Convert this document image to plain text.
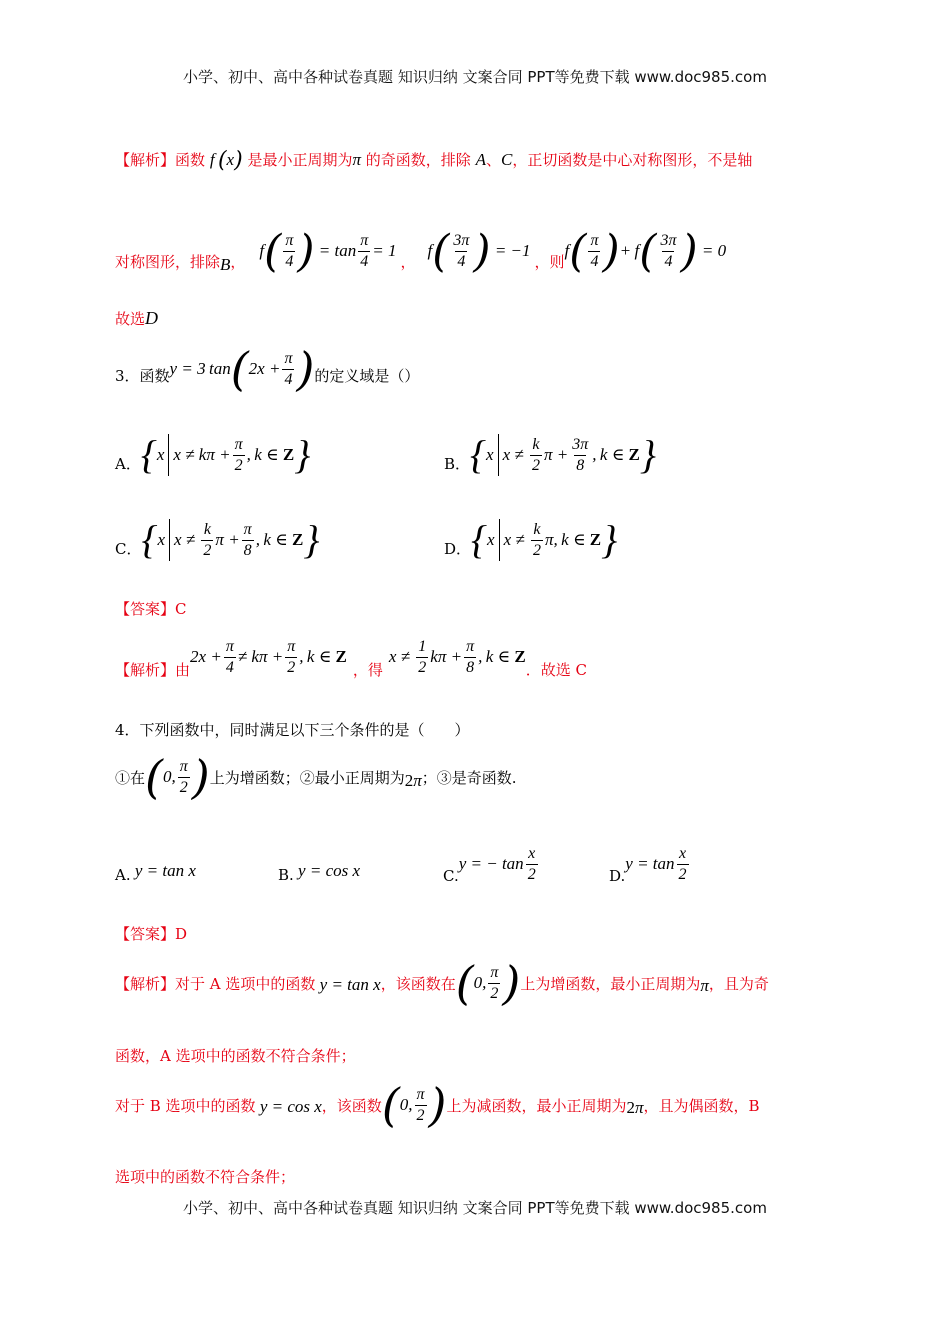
小学、初中、高中各种试卷真题 知识归纳 文案合同 PPT等免费下载 www.doc985.com
小学、初中、高中各种试卷真题 知识归纳 文案合同 PPT等免费下载 www.doc985.com
【解析】函数 f (x) 是最小正周期为π 的奇函数，排除 A、C，正切函数是中心对称图形，不是轴
对称图形，排除 B ，
f ( $\frac{\pi}{4}$ ) = $\tan \frac{\pi}{4} = 1$
，
f ( $\frac{3\pi}{4}$ ) = −1
，则
f ( $\frac{\pi}{4}$ ) +  f ( $\frac{3\pi}{4}$ ) = 0
故选D
3．函数 y = 3 tan ( 2 $x + \frac{\pi}{4}$ ) 的定义域是（）
A． { x x ≠ k $\pi + \frac{\pi}{2}$ ,  k ∈ Z }	B． { x $x \ne \frac{k}{2}$ $\pi + \frac{3\pi}{8}$ ,  k ∈ Z }
C． { x $x \ne \frac{k}{2}$ $\pi + \frac{\pi}{8}$ ,  k ∈ Z }	D． { x $x \ne \frac{k}{2} \pi$,  k ∈ Z }
【答案】C
【解析】 由
2 $x + \frac{\pi}{4} \ne k$ $\pi + \frac{\pi}{2}$ ,  k ∈ Z
，得
$x \ne \frac{1}{2}$ k $\pi + \frac{\pi}{8}$ ,  k ∈ Z
．故选 C
4．下列函数中，同时满足以下三个条件的是（　　）
①在 ( 0, $\frac{\pi}{2}$ ) 上为增函数；②最小正周期为 2π ；③是奇函数.
A. y = tan x	B. y = cos x	C.
y = − $\tan \frac{x}{2}$	D.
$y = \tan \frac{x}{2}$
【答案】D
【解析】 对于 A 选项中的函数 y = tan x ，该函数在 ( 0, $\frac{\pi}{2}$ ) 上为增函数，最小正周期为 π ，且为奇
函数，A 选项中的函数不符合条件；
对于 B 选项中的函数 y = cos x ，该函数 ( 0, $\frac{\pi}{2}$ ) 上为减函数，最小正周期为 2π ，且为偶函数，B
选项中的函数不符合条件；
